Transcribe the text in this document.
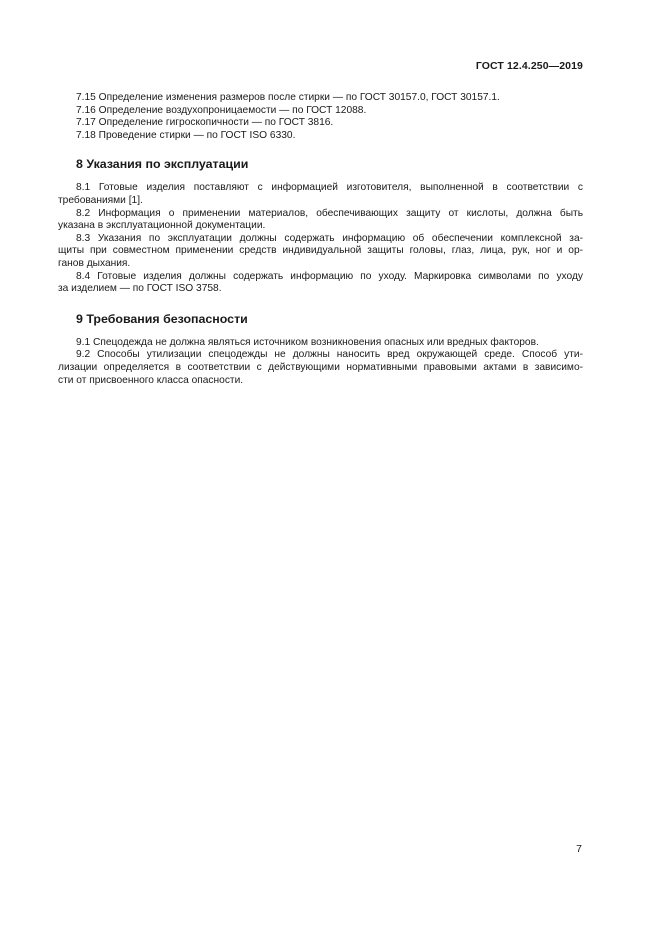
ГОСТ 12.4.250—2019
7.15 Определение изменения размеров после стирки — по ГОСТ 30157.0, ГОСТ 30157.1.
7.16 Определение воздухопроницаемости — по ГОСТ 12088.
7.17 Определение гигроскопичности — по ГОСТ 3816.
7.18 Проведение стирки — по ГОСТ ISO 6330.
8 Указания по эксплуатации
8.1 Готовые изделия поставляют с информацией изготовителя, выполненной в соответствии с
требованиями [1].
8.2 Информация о применении материалов, обеспечивающих защиту от кислоты, должна быть
указана в эксплуатационной документации.
8.3 Указания по эксплуатации должны содержать информацию об обеспечении комплексной за-
щиты при совместном применении средств индивидуальной защиты головы, глаз, лица, рук, ног и ор-
ганов дыхания.
8.4 Готовые изделия должны содержать информацию по уходу. Маркировка символами по уходу
за изделием — по ГОСТ ISO 3758.
9 Требования безопасности
9.1 Спецодежда не должна являться источником возникновения опасных или вредных факторов.
9.2 Способы утилизации спецодежды не должны наносить вред окружающей среде. Способ ути-
лизации определяется в соответствии с действующими нормативными правовыми актами в зависимо-
сти от присвоенного класса опасности.
7
